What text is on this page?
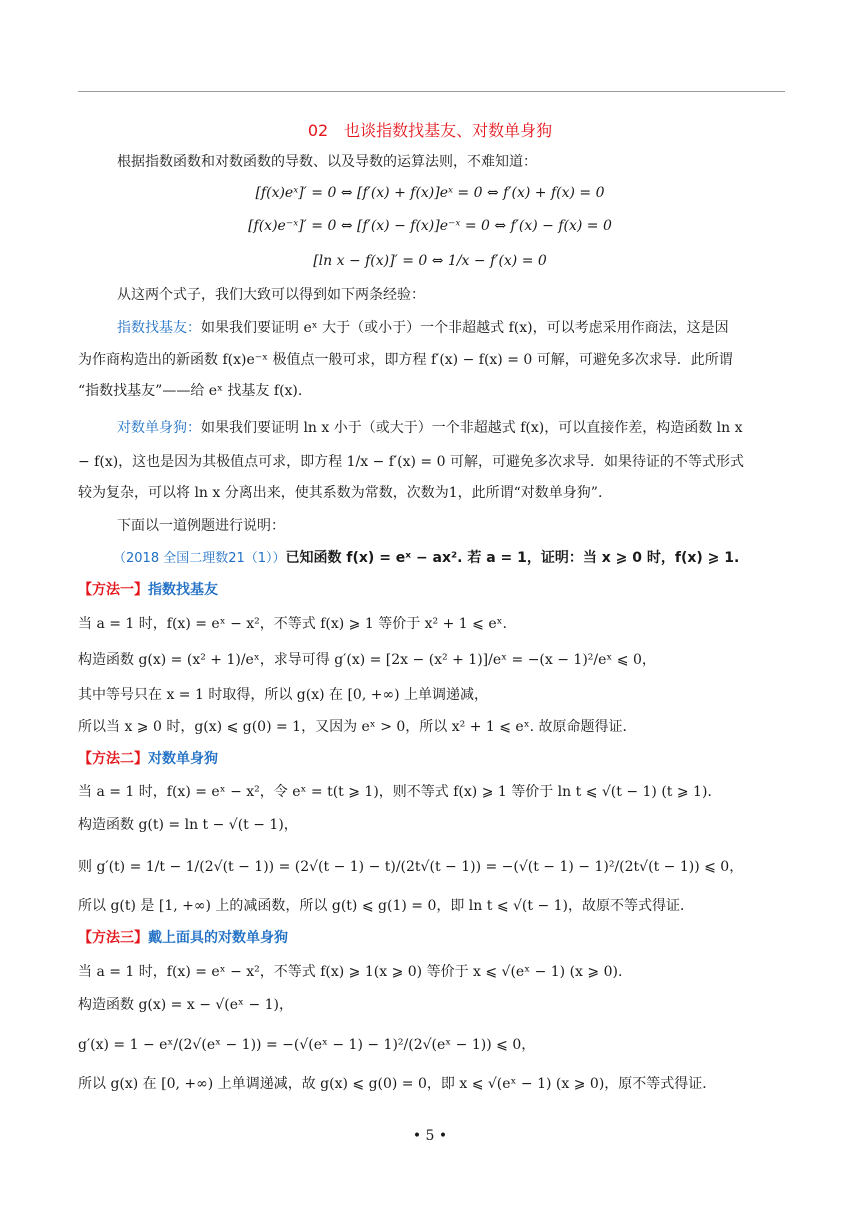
02　也谈指数找基友、对数单身狗
根据指数函数和对数函数的导数、以及导数的运算法则，不难知道：
[f(x)eˣ]′ = 0 ⇔ [f′(x) + f(x)]eˣ = 0 ⇔ f′(x) + f(x) = 0
[f(x)e⁻ˣ]′ = 0 ⇔ [f′(x) − f(x)]e⁻ˣ = 0 ⇔ f′(x) − f(x) = 0
[ln x − f(x)]′ = 0 ⇔ 1/x − f′(x) = 0
从这两个式子，我们大致可以得到如下两条经验：
指数找基友：如果我们要证明 eˣ 大于（或小于）一个非超越式 f(x)，可以考虑采用作商法，这是因
为作商构造出的新函数 f(x)e⁻ˣ 极值点一般可求，即方程 f′(x) − f(x) = 0 可解，可避免多次求导．此所谓
“指数找基友”——给 eˣ 找基友 f(x).
对数单身狗：如果我们要证明 ln x 小于（或大于）一个非超越式 f(x)，可以直接作差，构造函数 ln x
− f(x)，这也是因为其极值点可求，即方程 1/x − f′(x) = 0 可解，可避免多次求导．如果待证的不等式形式
较为复杂，可以将 ln x 分离出来，使其系数为常数，次数为1，此所谓“对数单身狗”.
下面以一道例题进行说明：
（2018 全国二理数21（1））已知函数 f(x) = eˣ − ax². 若 a = 1，证明：当 x ⩾ 0 时，f(x) ⩾ 1.
【方法一】指数找基友
当 a = 1 时，f(x) = eˣ − x²，不等式 f(x) ⩾ 1 等价于 x² + 1 ⩽ eˣ.
构造函数 g(x) = (x² + 1)/eˣ，求导可得 g′(x) = [2x − (x² + 1)]/eˣ = −(x − 1)²/eˣ ⩽ 0，
其中等号只在 x = 1 时取得，所以 g(x) 在 [0, +∞) 上单调递减，
所以当 x ⩾ 0 时，g(x) ⩽ g(0) = 1，又因为 eˣ > 0，所以 x² + 1 ⩽ eˣ. 故原命题得证．
【方法二】对数单身狗
当 a = 1 时，f(x) = eˣ − x²，令 eˣ = t(t ⩾ 1)，则不等式 f(x) ⩾ 1 等价于 ln t ⩽ √(t − 1) (t ⩾ 1).
构造函数 g(t) = ln t − √(t − 1)，
则 g′(t) = 1/t − 1/(2√(t − 1)) = (2√(t − 1) − t)/(2t√(t − 1)) = −(√(t − 1) − 1)²/(2t√(t − 1)) ⩽ 0，
所以 g(t) 是 [1, +∞) 上的减函数，所以 g(t) ⩽ g(1) = 0，即 ln t ⩽ √(t − 1)，故原不等式得证．
【方法三】戴上面具的对数单身狗
当 a = 1 时，f(x) = eˣ − x²，不等式 f(x) ⩾ 1(x ⩾ 0) 等价于 x ⩽ √(eˣ − 1) (x ⩾ 0).
构造函数 g(x) = x − √(eˣ − 1)，
g′(x) = 1 − eˣ/(2√(eˣ − 1)) = −(√(eˣ − 1) − 1)²/(2√(eˣ − 1)) ⩽ 0，
所以 g(x) 在 [0, +∞) 上单调递减，故 g(x) ⩽ g(0) = 0，即 x ⩽ √(eˣ − 1) (x ⩾ 0)，原不等式得证．
• 5 •
